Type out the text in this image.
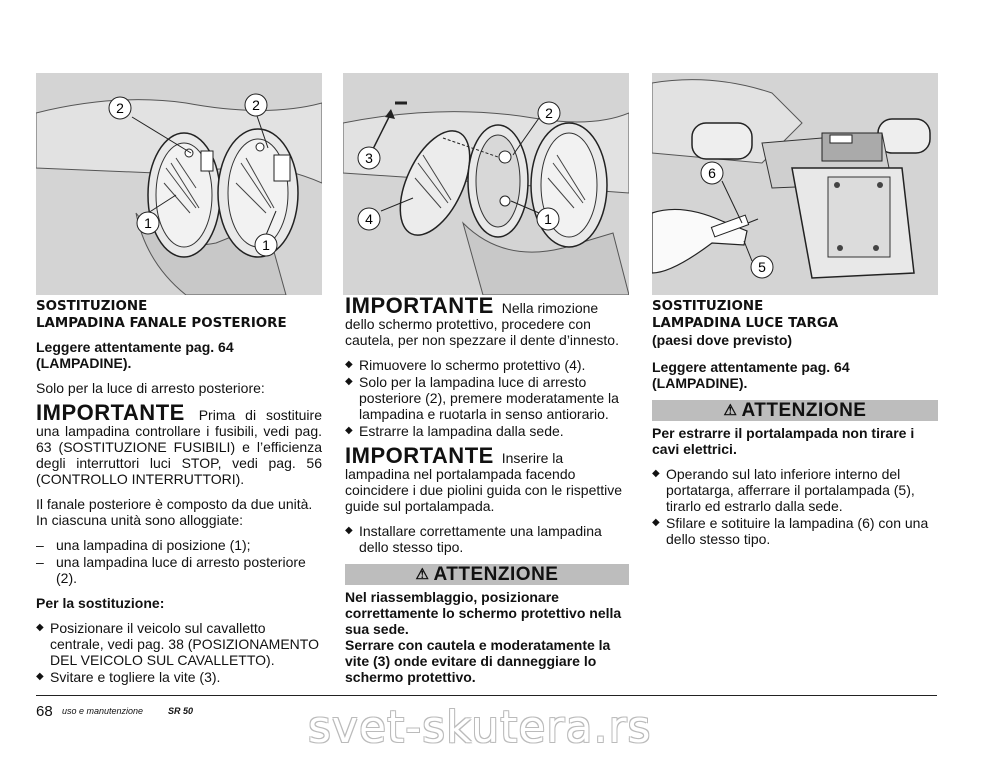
2	2
1
1
3
2
4	1
6
5
SOSTITUZIONE
LAMPADINA FANALE POSTERIORE

Leggere attentamente pag. 64 (LAMPADINE).

Solo per la luce di arresto posteriore:

IMPORTANTE Prima di sostituire una lampadina controllare i fusibili, vedi pag. 63 (SOSTITUZIONE FUSIBILI) e l’efficienza degli interruttori luci STOP, vedi pag. 56 (CONTROLLO INTERRUTTORI).

Il fanale posteriore è composto da due unità. In ciascuna unità sono alloggiate:

– una lampadina di posizione (1);
– una lampadina luce di arresto posteriore (2).

Per la sostituzione:

◆ Posizionare il veicolo sul cavalletto centrale, vedi pag. 38 (POSIZIONAMENTO DEL VEICOLO SUL CAVALLETTO).
◆ Svitare e togliere la vite (3).

IMPORTANTE Nella rimozione dello schermo protettivo, procedere con cautela, per non spezzare il dente d’innesto.

◆ Rimuovere lo schermo protettivo (4).
◆ Solo per la lampadina luce di arresto posteriore (2), premere moderatamente la lampadina e ruotarla in senso antiorario.
◆ Estrarre la lampadina dalla sede.

IMPORTANTE Inserire la lampadina nel portalampada facendo coincidere i due piolini guida con le rispettive guide sul portalampada.

◆ Installare correttamente una lampadina dello stesso tipo.
⚠ ATTENZIONE

Nel riassemblaggio, posizionare correttamente lo schermo protettivo nella sua sede.

Serrare con cautela e moderatamente la vite (3) onde evitare di danneggiare lo schermo protettivo.

SOSTITUZIONE
LAMPADINA LUCE TARGA
(paesi dove previsto)

Leggere attentamente pag. 64 (LAMPADINE).

⚠ ATTENZIONE

Per estrarre il portalampada non tirare i cavi elettrici.

◆ Operando sul lato inferiore interno del portatarga, afferrare il portalampada (5), tirarlo ed estrarlo dalla sede.
◆ Sfilare e sotituire la lampadina (6) con una dello stesso tipo.
68 uso e manutenzione	SR 50	svet-skutera.rs
